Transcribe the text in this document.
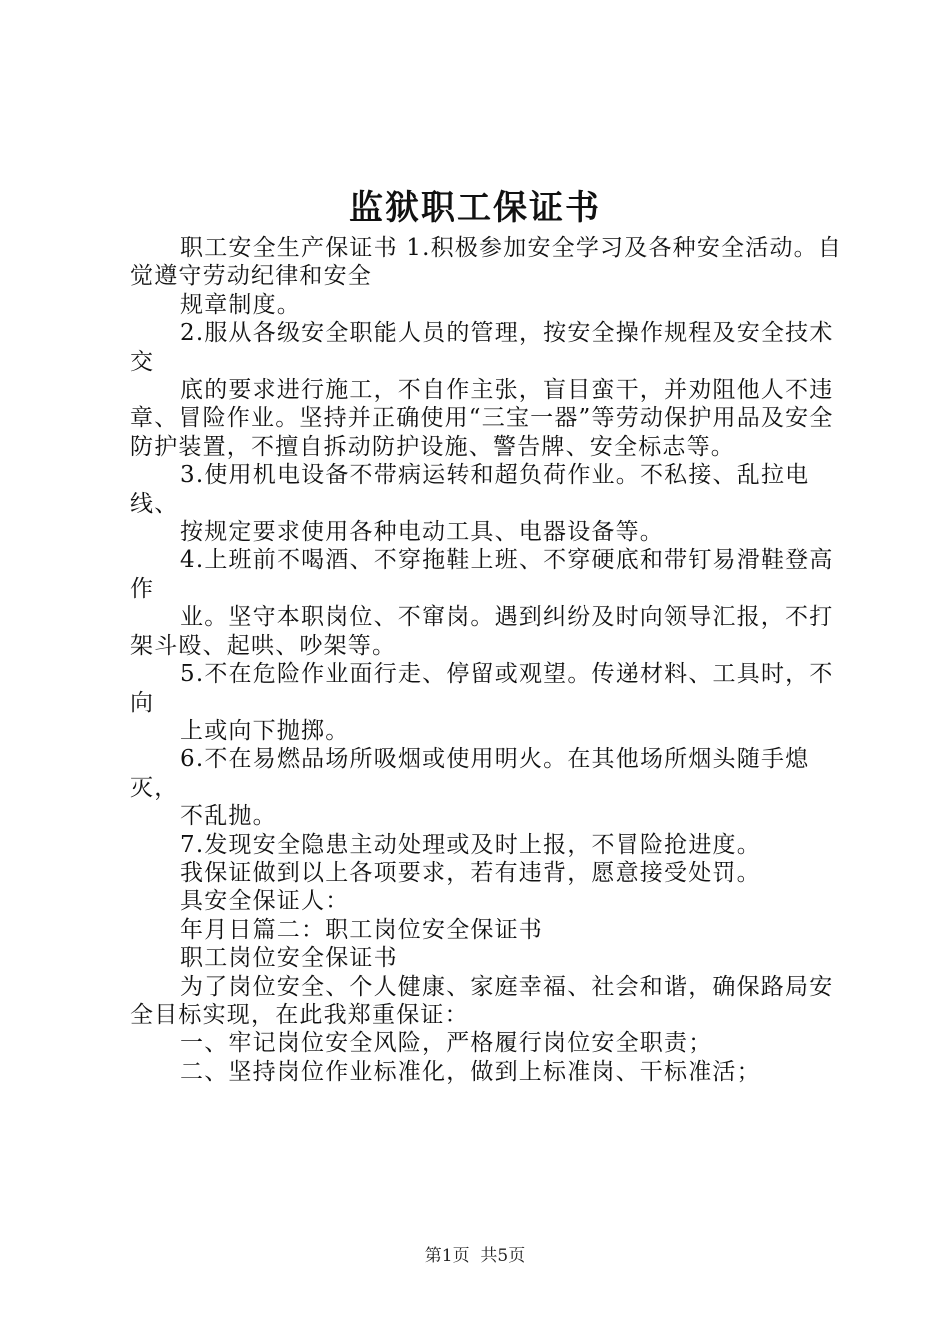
监狱职工保证书

职工安全生产保证书 1.积极参加安全学习及各种安全活动。自觉遵守劳动纪律和安全

规章制度。

2.服从各级安全职能人员的管理，按安全操作规程及安全技术交

底的要求进行施工，不自作主张，盲目蛮干，并劝阻他人不违章、冒险作业。坚持并正确使用“三宝一器”等劳动保护用品及安全防护装置，不擅自拆动防护设施、警告牌、安全标志等。

3.使用机电设备不带病运转和超负荷作业。不私接、乱拉电线、

按规定要求使用各种电动工具、电器设备等。

4.上班前不喝酒、不穿拖鞋上班、不穿硬底和带钉易滑鞋登高作

业。坚守本职岗位、不窜岗。遇到纠纷及时向领导汇报，不打架斗殴、起哄、吵架等。

5.不在危险作业面行走、停留或观望。传递材料、工具时，不向

上或向下抛掷。

6.不在易燃品场所吸烟或使用明火。在其他场所烟头随手熄灭，

不乱抛。

7.发现安全隐患主动处理或及时上报，不冒险抢进度。

我保证做到以上各项要求，若有违背，愿意接受处罚。

具安全保证人：

年月日篇二：职工岗位安全保证书

职工岗位安全保证书

为了岗位安全、个人健康、家庭幸福、社会和谐，确保路局安全目标实现，在此我郑重保证：

一、牢记岗位安全风险，严格履行岗位安全职责；

二、坚持岗位作业标准化，做到上标准岗、干标准活；

第1页  共5页
